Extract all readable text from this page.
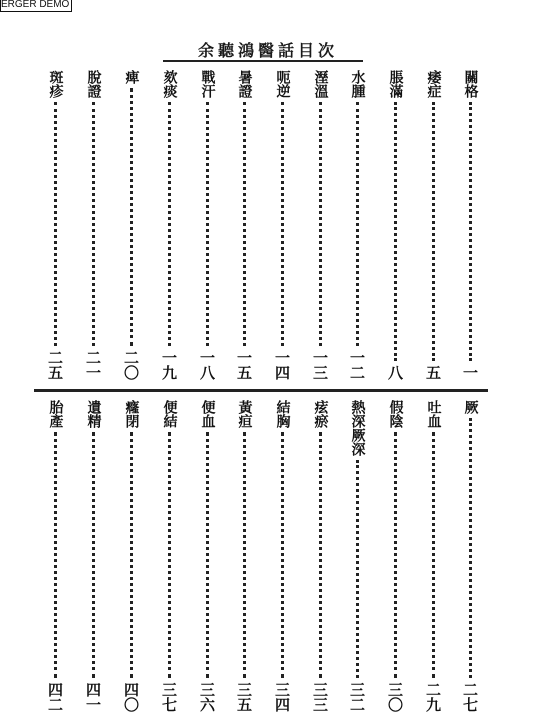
ERGER DEMO
余聽鴻醫話目次
關格
一
痿症
五
脹滿
八
水腫
一二
溼溫
一三
呃逆
一四
暑證
一五
戰汗
一八
欬痰
一九
痺
二〇
脫證
二一
斑疹
二五
厥
二七
吐血
二九
假陰
三〇
熱深厥深
三二
痃瘀
三三
結胸
三四
黃疸
三五
便血
三六
便結
三七
癃閉
四〇
遺精
四一
胎產
四二
